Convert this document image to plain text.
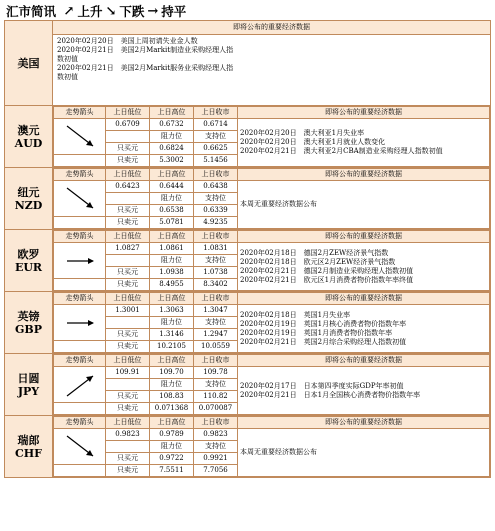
汇市简讯 ↗ 上升 ↘ 下跌 → 持平
美国	
即将公布的重要经济数据
2020年02月20日　美国上周初请失业金人数
2020年02月21日　美国2月Markit制造业采购经理人指
数初值
2020年02月21日　美国2月Markit服务业采购经理人指
数初值

澳元
AUD

走势箭头	上日低位	上日高位	上日收市	即将公布的重要经济数据

	0.6709	0.6732	0.6714	
2020年02月20日　澳大利亚1月失业率
2020年02月20日　澳大利亚1月就业人数变化
2020年02月21日　澳大利亚2月CBA制造业采购经理人指数初值

	阻力位	支持位
只买元	0.6824	0.6625
	只卖元	5.3002	5.1456

纽元
NZD

走势箭头	上日低位	上日高位	上日收市	即将公布的重要经济数据

	0.6423	0.6444	0.6438	
本周无重要经济数据公布

	阻力位	支持位
只买元	0.6538	0.6339
	只卖元	5.0781	4.9235

欧罗
EUR

走势箭头	上日低位	上日高位	上日收市	即将公布的重要经济数据

	1.0827	1.0861	1.0831	
2020年02月18日　德国2月ZEW经济景气指数
2020年02月18日　欧元区2月ZEW经济景气指数
2020年02月21日　德国2月制造业采购经理人指数初值
2020年02月21日　欧元区1月消费者物价指数年率终值

	阻力位	支持位
只买元	1.0938	1.0738
	只卖元	8.4955	8.3402

英镑
GBP

走势箭头	上日低位	上日高位	上日收市	即将公布的重要经济数据

	1.3001	1.3063	1.3047	
2020年02月18日　英国1月失业率
2020年02月19日　英国1月核心消费者物价指数年率
2020年02月19日　英国1月消费者物价指数年率
2020年02月21日　英国2月综合采购经理人指数初值

	阻力位	支持位
只买元	1.3146	1.2947
	只卖元	10.2105	10.0559

日圆
JPY

走势箭头	上日低位	上日高位	上日收市	即将公布的重要经济数据

	109.91	109.70	109.78	
2020年02月17日　日本第四季度实际GDP年率初值
2020年02月21日　日本1月全国核心消费者物价指数年率

	阻力位	支持位
只买元	108.83	110.82
	只卖元	0.071368	0.070087

瑞郎
CHF

走势箭头	上日低位	上日高位	上日收市	即将公布的重要经济数据

	0.9823	0.9789	0.9823	
本周无重要经济数据公布

	阻力位	支持位
只买元	0.9722	0.9921
	只卖元	7.5511	7.7056
